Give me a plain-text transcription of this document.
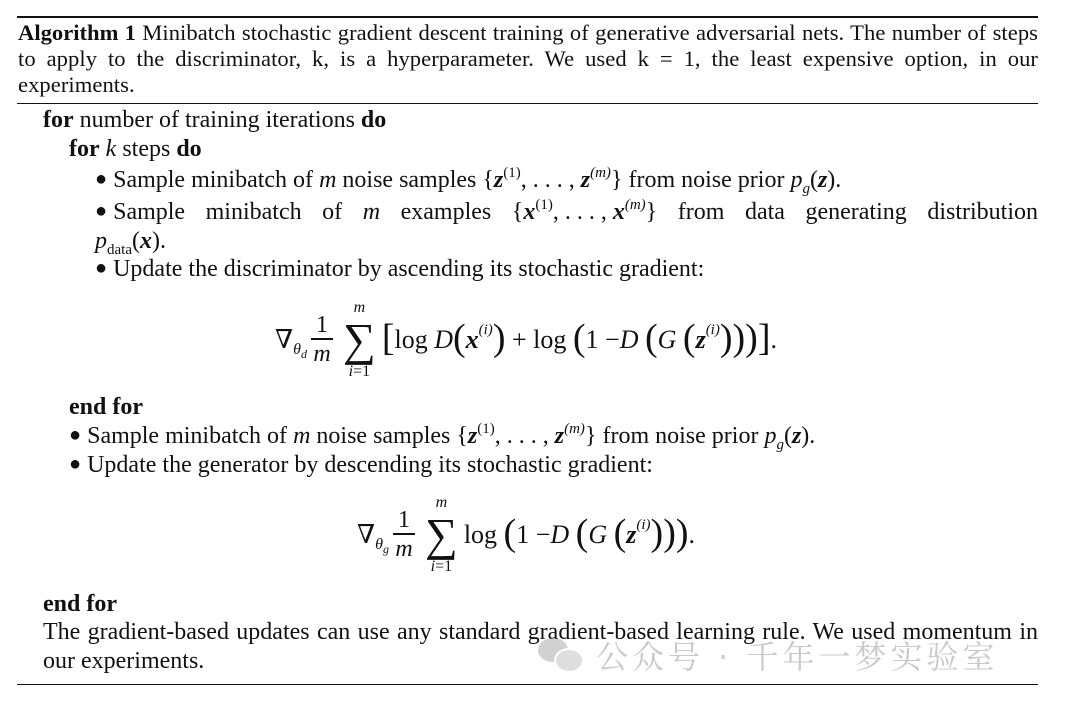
Algorithm 1 Minibatch stochastic gradient descent training of generative adversarial nets. The number of steps to apply to the discriminator, k, is a hyperparameter. We used k = 1, the least expensive option, in our experiments.
for number of training iterations do
for k steps do
● Sample minibatch of m noise samples {$z^{(1)}$, . . . , $z^{(m)}$} from noise prior $p_g(z)$.
● Sample minibatch of m examples {$x^{(1)}$, . . . , $x^{(m)}$} from data generating distribution
$p_{data}(x)$.
● Update the discriminator by ascending its stochastic gradient:
∇ $\theta_d \frac{1}{m}$
m
∑
i=1
[ log D ( x (i) ) + log ( 1 − D
( G
( z (i) )))] .
end for
● Sample minibatch of m noise samples {$z^{(1)}$, . . . , $z^{(m)}$} from noise prior $p_g(z)$.
● Update the generator by descending its stochastic gradient:
∇ $\theta_g \frac{1}{m}$
m
∑
i=1
log ( 1 − D
( G
( z (i) ))) .
end for
The gradient-based updates can use any standard gradient-based learning rule. We used momentum in our experiments.	公众号 · 千年一梦实验室
